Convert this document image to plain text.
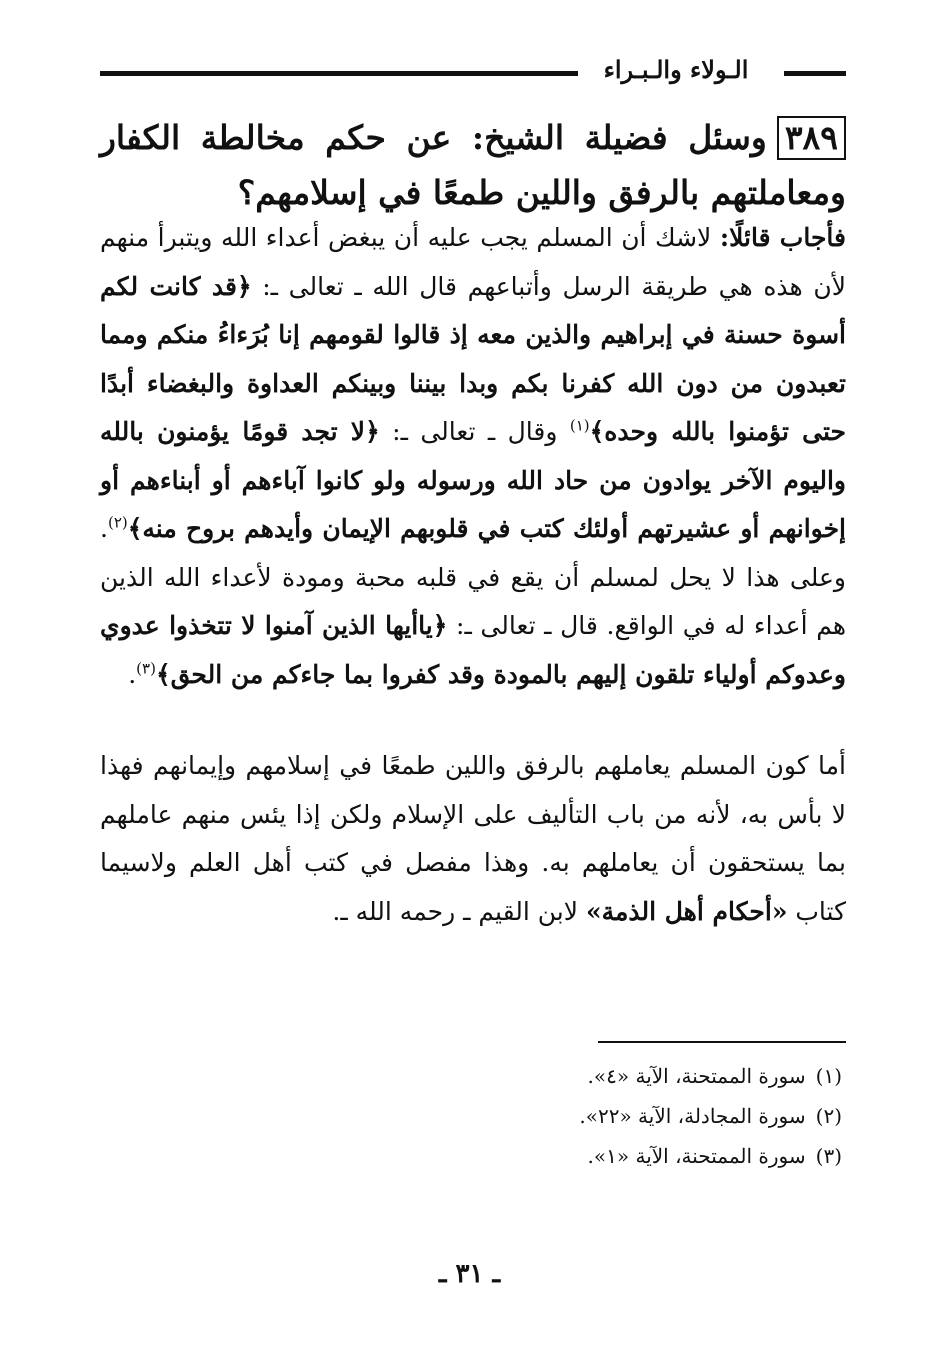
الـولاء والـبـراء
٣٨٩وسئل فضيلة الشيخ: عن حكم مخالطة الكفار ومعاملتهم بالرفق واللين طمعًا في إسلامهم؟
فأجاب قائلًا: لاشك أن المسلم يجب عليه أن يبغض أعداء الله ويتبرأ منهم لأن هذه هي طريقة الرسل وأتباعهم قال الله ـ تعالى ـ: ﴿قد كانت لكم أسوة حسنة في إبراهيم والذين معه إذ قالوا لقومهم إنا بُرَءاءُ منكم ومما تعبدون من دون الله كفرنا بكم وبدا بيننا وبينكم العداوة والبغضاء أبدًا حتى تؤمنوا بالله وحده﴾$^{(١)}$ وقال ـ تعالى ـ: ﴿لا تجد قومًا يؤمنون بالله واليوم الآخر يوادون من حاد الله ورسوله ولو كانوا آباءهم أو أبناءهم أو إخوانهم أو عشيرتهم أولئك كتب في قلوبهم الإيمان وأيدهم بروح منه﴾$^{(٢)}$. وعلى هذا لا يحل لمسلم أن يقع في قلبه محبة ومودة لأعداء الله الذين هم أعداء له في الواقع. قال ـ تعالى ـ: ﴿ياأيها الذين آمنوا لا تتخذوا عدوي وعدوكم أولياء تلقون إليهم بالمودة وقد كفروا بما جاءكم من الحق﴾$^{(٣)}$.
أما كون المسلم يعاملهم بالرفق واللين طمعًا في إسلامهم وإيمانهم فهذا لا بأس به، لأنه من باب التأليف على الإسلام ولكن إذا يئس منهم عاملهم بما يستحقون أن يعاملهم به. وهذا مفصل في كتب أهل العلم ولاسيما كتاب «أحكام أهل الذمة» لابن القيم ـ رحمه الله ـ.
(١)سورة الممتحنة، الآية «٤».
(٢)سورة المجادلة، الآية «٢٢».
(٣)سورة الممتحنة، الآية «١».
ـ ٣١ ـ
